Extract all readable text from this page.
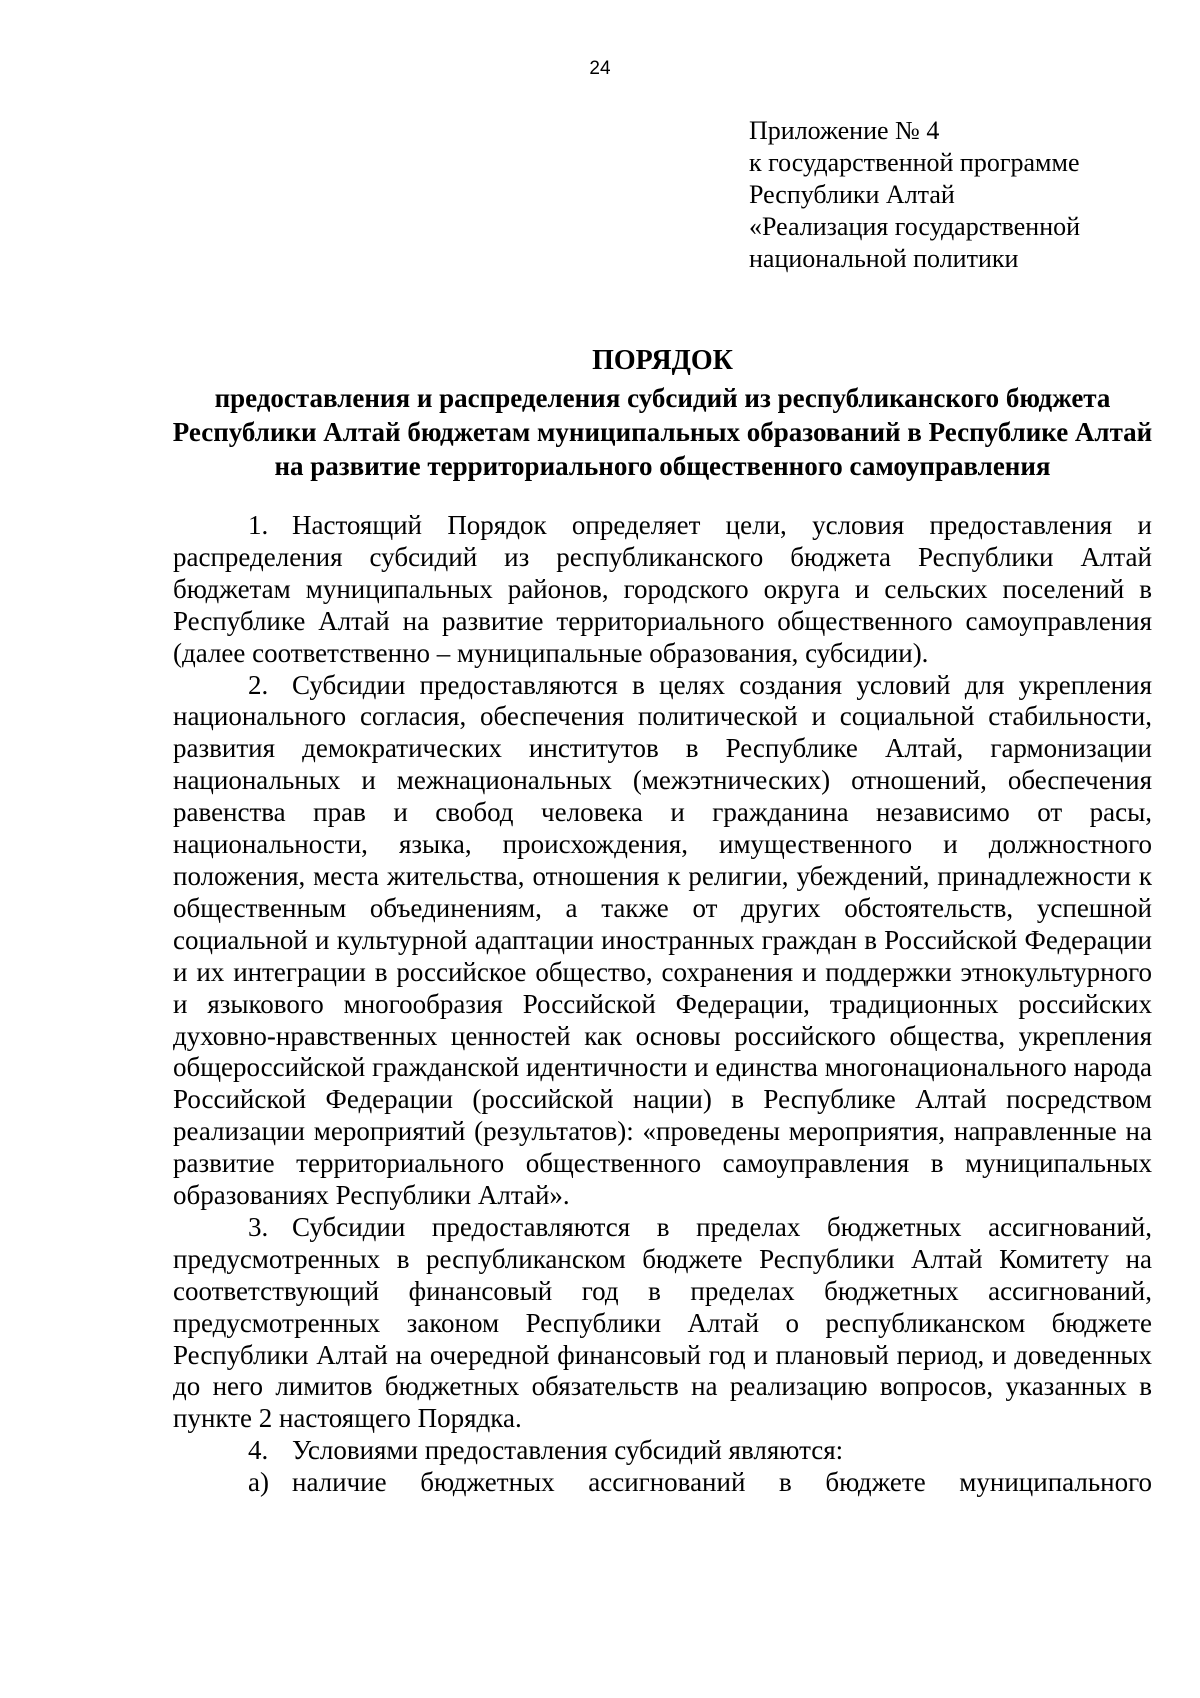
24
Приложение № 4
к государственной программе
Республики Алтай
«Реализация государственной
национальной политики
ПОРЯДОК
предоставления и распределения субсидий из республиканского бюджета Республики Алтай бюджетам муниципальных образований в Республике Алтай на развитие территориального общественного самоуправления

1. Настоящий Порядок определяет цели, условия предоставления и распределения субсидий из республиканского бюджета Республики Алтай бюджетам муниципальных районов, городского округа и сельских поселений в Республике Алтай на развитие территориального общественного самоуправления (далее соответственно – муниципальные образования, субсидии).

2. Субсидии предоставляются в целях создания условий для укрепления национального согласия, обеспечения политической и социальной стабильности, развития демократических институтов в Республике Алтай, гармонизации национальных и межнациональных (межэтнических) отношений, обеспечения равенства прав и свобод человека и гражданина независимо от расы, национальности, языка, происхождения, имущественного и должностного положения, места жительства, отношения к религии, убеждений, принадлежности к общественным объединениям, а также от других обстоятельств, успешной социальной и культурной адаптации иностранных граждан в Российской Федерации и их интеграции в российское общество, сохранения и поддержки этнокультурного и языкового многообразия Российской Федерации, традиционных российских духовно-нравственных ценностей как основы российского общества, укрепления общероссийской гражданской идентичности и единства многонационального народа Российской Федерации (российской нации) в Республике Алтай посредством реализации мероприятий (результатов): «проведены мероприятия, направленные на развитие территориального общественного самоуправления в муниципальных образованиях Республики Алтай».

3. Субсидии предоставляются в пределах бюджетных ассигнований, предусмотренных в республиканском бюджете Республики Алтай Комитету на соответствующий финансовый год в пределах бюджетных ассигнований, предусмотренных законом Республики Алтай о республиканском бюджете Республики Алтай на очередной финансовый год и плановый период, и доведенных до него лимитов бюджетных обязательств на реализацию вопросов, указанных в пункте 2 настоящего Порядка.

4. Условиями предоставления субсидий являются:

а) наличие бюджетных ассигнований в бюджете муниципального
